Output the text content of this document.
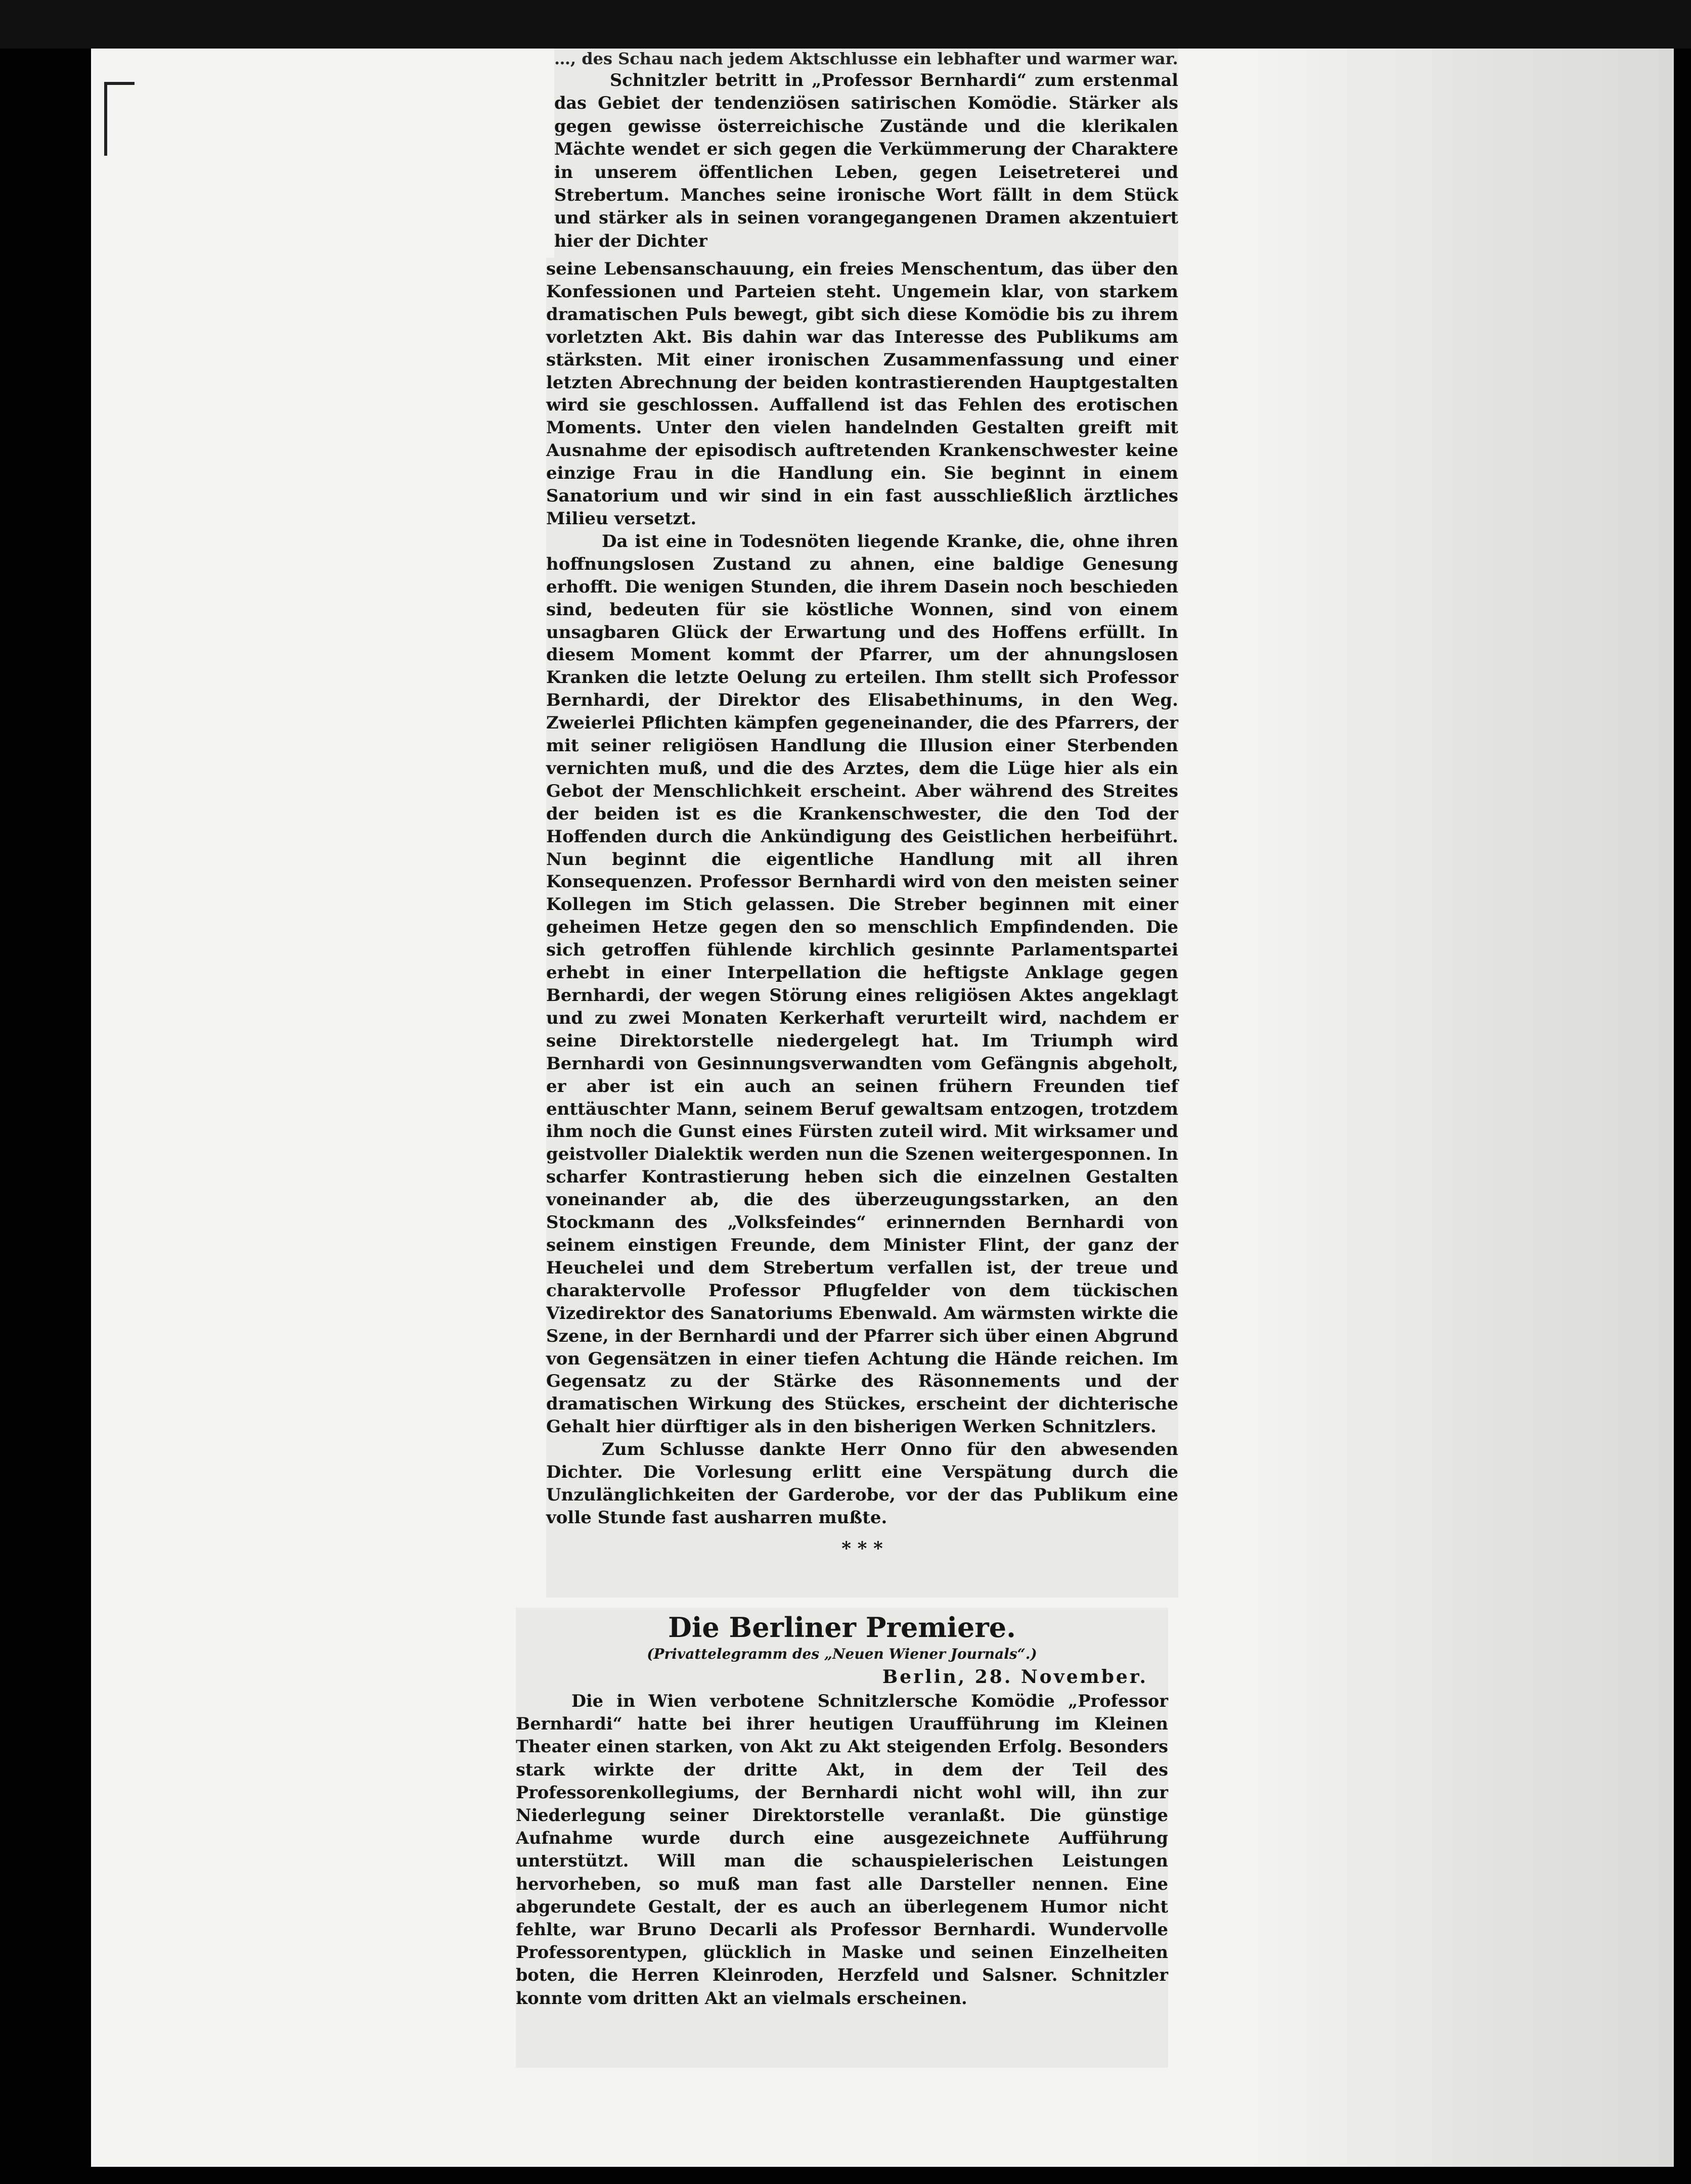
…, des Schau nach jedem Aktschlusse ein lebhafter und warmer war.

Schnitzler betritt in „Professor Bernhardi“ zum erstenmal das Gebiet der tendenziösen satirischen Komödie. Stärker als gegen gewisse österreichische Zustände und die klerikalen Mächte wendet er sich gegen die Verkümmerung der Charaktere in unserem öffentlichen Leben, gegen Leisetreterei und Strebertum. Manches seine ironische Wort fällt in dem Stück und stärker als in seinen vorangegangenen Dramen akzentuiert hier der Dichter

seine Lebensanschauung, ein freies Menschentum, das über den Konfessionen und Parteien steht. Ungemein klar, von starkem dramatischen Puls bewegt, gibt sich diese Komödie bis zu ihrem vorletzten Akt. Bis dahin war das Interesse des Publikums am stärksten. Mit einer ironischen Zusammenfassung und einer letzten Abrechnung der beiden kontrastierenden Hauptgestalten wird sie geschlossen. Auffallend ist das Fehlen des erotischen Moments. Unter den vielen handelnden Gestalten greift mit Ausnahme der episodisch auftretenden Krankenschwester keine einzige Frau in die Handlung ein. Sie beginnt in einem Sanatorium und wir sind in ein fast ausschließlich ärztliches Milieu versetzt.

Da ist eine in Todesnöten liegende Kranke, die, ohne ihren hoffnungslosen Zustand zu ahnen, eine baldige Genesung erhofft. Die wenigen Stunden, die ihrem Dasein noch beschieden sind, bedeuten für sie köstliche Wonnen, sind von einem unsagbaren Glück der Erwartung und des Hoffens erfüllt. In diesem Moment kommt der Pfarrer, um der ahnungslosen Kranken die letzte Oelung zu erteilen. Ihm stellt sich Professor Bernhardi, der Direktor des Elisabethinums, in den Weg. Zweierlei Pflichten kämpfen gegeneinander, die des Pfarrers, der mit seiner religiösen Handlung die Illusion einer Sterbenden vernichten muß, und die des Arztes, dem die Lüge hier als ein Gebot der Menschlichkeit erscheint. Aber während des Streites der beiden ist es die Krankenschwester, die den Tod der Hoffenden durch die Ankündigung des Geistlichen herbeiführt. Nun beginnt die eigentliche Handlung mit all ihren Konsequenzen. Professor Bernhardi wird von den meisten seiner Kollegen im Stich gelassen. Die Streber beginnen mit einer geheimen Hetze gegen den so menschlich Empfindenden. Die sich getroffen fühlende kirchlich gesinnte Parlamentspartei erhebt in einer Interpellation die heftigste Anklage gegen Bernhardi, der wegen Störung eines religiösen Aktes angeklagt und zu zwei Monaten Kerkerhaft verurteilt wird, nachdem er seine Direktorstelle niedergelegt hat. Im Triumph wird Bernhardi von Gesinnungsverwandten vom Gefängnis abgeholt, er aber ist ein auch an seinen frühern Freunden tief enttäuschter Mann, seinem Beruf gewaltsam entzogen, trotzdem ihm noch die Gunst eines Fürsten zuteil wird. Mit wirksamer und geistvoller Dialektik werden nun die Szenen weitergesponnen. In scharfer Kontrastierung heben sich die einzelnen Gestalten voneinander ab, die des überzeugungsstarken, an den Stockmann des „Volksfeindes“ erinnernden Bernhardi von seinem einstigen Freunde, dem Minister Flint, der ganz der Heuchelei und dem Strebertum verfallen ist, der treue und charaktervolle Professor Pflugfelder von dem tückischen Vizedirektor des Sanatoriums Ebenwald. Am wärmsten wirkte die Szene, in der Bernhardi und der Pfarrer sich über einen Abgrund von Gegensätzen in einer tiefen Achtung die Hände reichen. Im Gegensatz zu der Stärke des Räsonnements und der dramatischen Wirkung des Stückes, erscheint der dichterische Gehalt hier dürftiger als in den bisherigen Werken Schnitzlers.

Zum Schlusse dankte Herr Onno für den abwesenden Dichter. Die Vorlesung erlitt eine Verspätung durch die Unzulänglichkeiten der Garderobe, vor der das Publikum eine volle Stunde fast ausharren mußte.

* * *
Die Berliner Premiere.
(Privattelegramm des „Neuen Wiener Journals“.)
Berlin, 28. November.

Die in Wien verbotene Schnitzlersche Komödie „Professor Bernhardi“ hatte bei ihrer heutigen Uraufführung im Kleinen Theater einen starken, von Akt zu Akt steigenden Erfolg. Besonders stark wirkte der dritte Akt, in dem der Teil des Professorenkollegiums, der Bernhardi nicht wohl will, ihn zur Niederlegung seiner Direktorstelle veranlaßt. Die günstige Aufnahme wurde durch eine ausgezeichnete Aufführung unterstützt. Will man die schauspielerischen Leistungen hervorheben, so muß man fast alle Darsteller nennen. Eine abgerundete Gestalt, der es auch an überlegenem Humor nicht fehlte, war Bruno Decarli als Professor Bernhardi. Wundervolle Professorentypen, glücklich in Maske und seinen Einzelheiten boten, die Herren Kleinroden, Herzfeld und Salsner. Schnitzler konnte vom dritten Akt an vielmals erscheinen.
